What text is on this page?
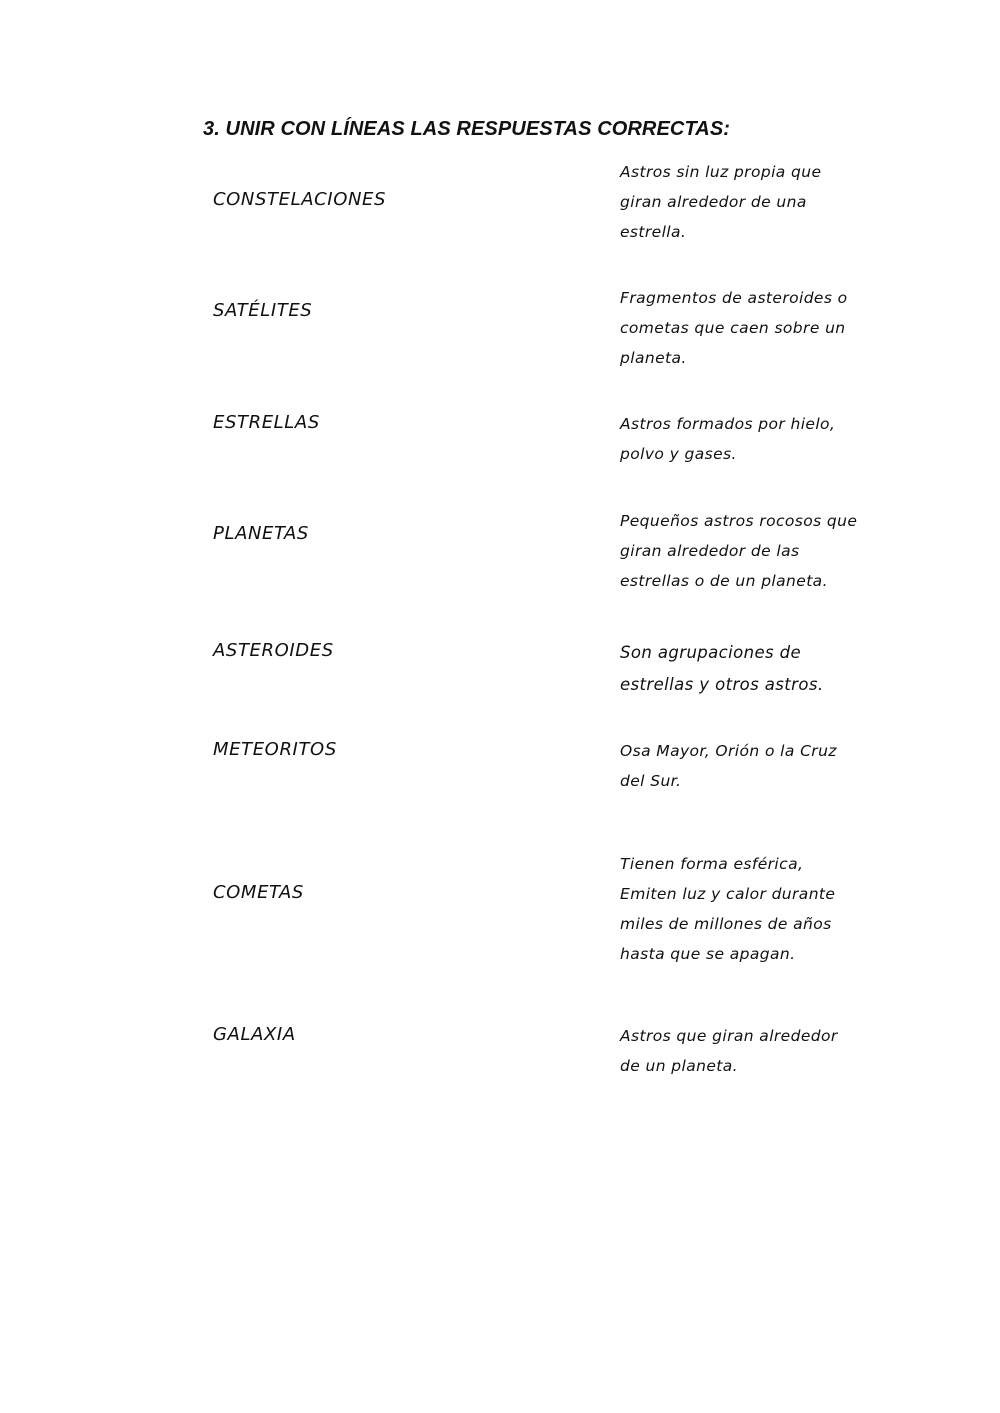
3. UNIR CON LÍNEAS LAS RESPUESTAS CORRECTAS:
CONSTELACIONES
SATÉLITES
ESTRELLAS
PLANETAS
ASTEROIDES
METEORITOS
COMETAS
GALAXIA
Astros sin luz propia que
giran alrededor de una
estrella.
Fragmentos de asteroides o
cometas que caen sobre un
planeta.
Astros formados por hielo,
polvo y gases.
Pequeños astros rocosos que
giran alrededor de las
estrellas o de un planeta.
Son agrupaciones de
estrellas y otros astros.
Osa Mayor, Orión o la Cruz
del Sur.
Tienen forma esférica,
Emiten luz y calor durante
miles de millones de años
hasta que se apagan.
Astros que giran alrededor
de un planeta.
